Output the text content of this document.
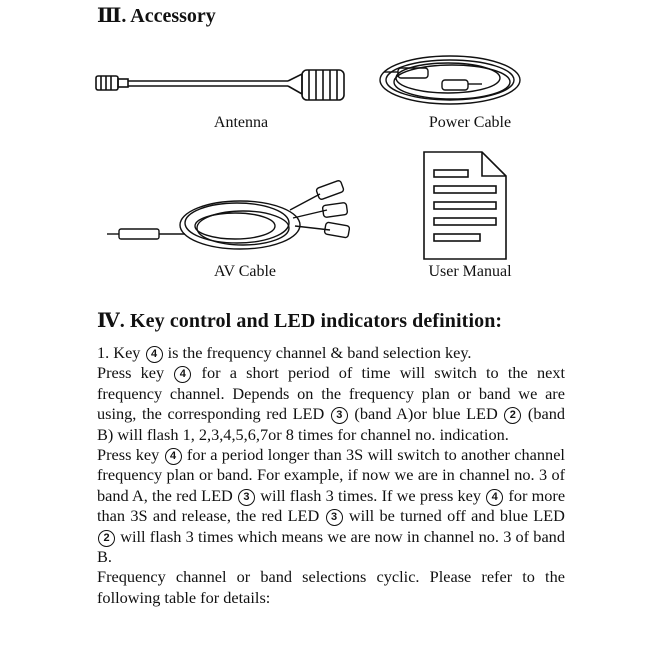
Ⅲ. Accessory
Antenna	Power Cable
AV Cable	User Manual
Ⅳ. Key control and LED indicators definition:

1. Key 4 is the frequency channel & band selection key.

Press key 4 for a short period of time will switch to the next frequency channel. Depends on the frequency plan or band we are using, the corresponding red LED 3 (band A)or blue LED 2 (band B) will flash 1, 2,3,4,5,6,7or 8 times for channel no. indication.

Press key 4 for a period longer than 3S will switch to another channel frequency plan or band. For example, if now we are in channel no. 3 of band A, the red LED 3 will flash 3 times. If we press key 4 for more than 3S and release, the red LED 3 will be turned off and blue LED 2 will flash 3 times which means we are now in channel no. 3 of band B.

Frequency channel or band selections cyclic. Please refer to the following table for details:
